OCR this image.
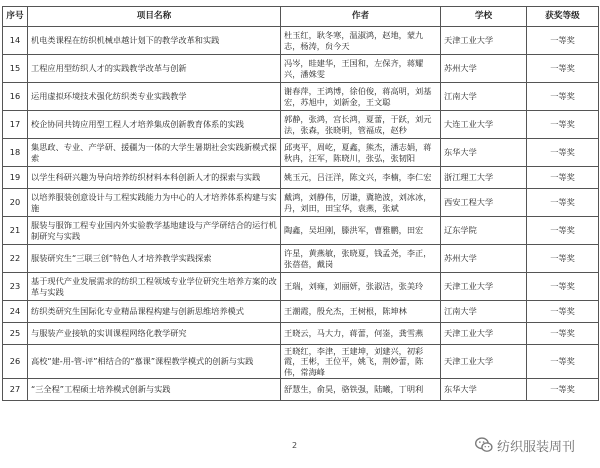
序号	项目名称	作者	学校	获奖等级
14	机电类课程在纺织机械卓越计划下的教学改革和实践	杜玉红，耿冬寒，温淑鸿，赵地，蒙九志，杨涛，贠今天	天津工业大学	一等奖
15	工程应用型纺织人才的实践教学改革与创新	冯岑，眭建华，王国和，左保齐，蒋耀兴，潘姝雯	苏州大学	一等奖
16	运用虚拟环境技术强化纺织类专业实践教学	谢春萍，王鸿博，徐伯俊，蒋高明，刘基宏，苏旭中，刘新金，王文聪	江南大学	一等奖
17	校企协同共铸应用型工程人才培养集成创新教育体系的实践	郭静，张鸿，宫长鸿，夏蕾，于跃，刘元法，张森，张晓明，管福成，赵秒	大连工业大学	一等奖
18	集思政、专业、产学研、援疆为一体的大学生暑期社会实践新模式探索	邱夷平，周屹，夏鑫，熊杰，潘志娟，蒋秋冉，汪军，陈晓川，张弘，张韧阳	东华大学	一等奖
19	以学生科研兴趣为导向培养纺织材料本科创新人才的探索与实践	姚玉元，吕汪洋，陈文兴，李楠，李仁宏	浙江理工大学	一等奖
20	以培养服装创意设计与工程实践能力为中心的人才培养体系构建与实施	戴鸿，刘静伟，厉谦，冀艳波，刘冰冰，丹，刘田，田宝华，袁燕，张斌	西安工程大学	一等奖
21	服装与服饰工程专业国内外实验教学基地建设与产学研结合的运行机制研究与实践	陶鑫，吴坦刚，滕洪军，曹雅鹏，田宏	辽东学院	一等奖
22	服装研究生“三联三创”特色人才培养教学实践探索	许星，黄燕敏，张晓夏，钱孟尧，李正，张蓓蓓，戴岗	苏州大学	一等奖
23	基于现代产业发展需求的纺织工程领域专业学位研究生培养方案的改革与实践	王瑞，刘雍，刘丽妍，张淑洁，张美玲	天津工业大学	一等奖
24	纺织类研究生国际化专业精品课程构建与创新思维培养模式	王潮霞，殷允杰，王树根，陈坤林	江南大学	一等奖
25	与服装产业接轨的实训课程网络化教学研究	王晓云，马大力，蒋蕾，何崟，龚雪燕	天津工业大学	一等奖
26	高校“建-用-管-评”相结合的“慕课”课程教学模式的创新与实践	王晓红，李津，王建坤，刘建兴，初彩霞，王彬，王位平，姚飞，荆妙蕾，陈伟，常海峰	天津工业大学	一等奖
27	“三全程”工程硕士培养模式创新与实践	舒慧生，俞昊，骆铁强，陆曦，丁明利	东华大学	一等奖
2	纺织服装周刊
